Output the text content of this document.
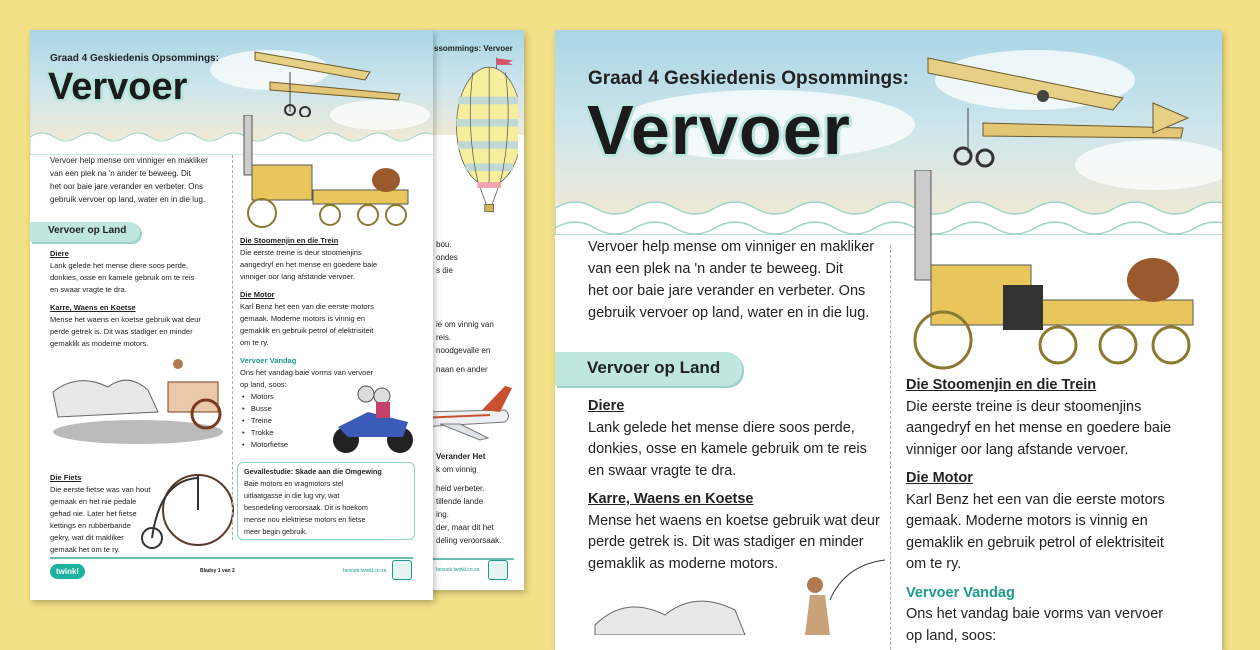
ssommings: Vervoer
bou.
ondes
s die
ie om vinnig van
reis.
noodgevalle en
naan en ander
Verander Het
k om vinnig
heid verbeter.
tillende lande
ing.
der, maar dit het
deling veroorsaak.
besoek twinkl.co.za
Graad 4 Geskiedenis Opsommings:
Vervoer
Vervoer help mense om vinniger en makliker
van een plek na 'n ander te beweeg. Dit
het oor baie jare verander en verbeter. Ons
gebruik vervoer op land, water en in die lug.
Vervoer op Land
Diere
Lank gelede het mense diere soos perde,
donkies, osse en kamele gebruik om te reis
en swaar vragte te dra.
Karre, Waens en Koetse
Mense het waens en koetse gebruik wat deur
perde getrek is. Dit was stadiger en minder
gemaklik as moderne motors.
Die Fiets
Die eerste fietse was van hout
gemaak en het nie pedale
gehad nie. Later het fietse
kettings en rubberbande
gekry, wat dit makliker
gemaak het om te ry.
Die Stoomenjin en die Trein
Die eerste treine is deur stoomenjins
aangedryf en het mense en goedere baie
vinniger oor lang afstande vervoer.
Die Motor
Karl Benz het een van die eerste motors
gemaak. Moderne motors is vinnig en
gemaklik en gebruik petrol of elektrisiteit
om te ry.
Vervoer Vandag
Ons het vandag baie vorms van vervoer
op land, soos:
•   Motors
•   Busse
•   Treine
•   Trokke
•   Motorfietse
Gevallestudie: Skade aan die Omgewing
Baie motors en vragmotors stel
uitlaatgasse in die lug vry, wat
besoedeling veroorsaak. Dit is hoekom
mense nou elektriese motors en fietse
meer begin gebruik.
twinkl	Bladsy 1 van 2	besoek twinkl.co.za
Graad 4 Geskiedenis Opsommings:
Vervoer
Vervoer help mense om vinniger en makliker
van een plek na 'n ander te beweeg. Dit
het oor baie jare verander en verbeter. Ons
gebruik vervoer op land, water en in die lug.
Vervoer op Land
Diere
Lank gelede het mense diere soos perde,
donkies, osse en kamele gebruik om te reis
en swaar vragte te dra.
Karre, Waens en Koetse
Mense het waens en koetse gebruik wat deur
perde getrek is. Dit was stadiger en minder
gemaklik as moderne motors.
Die Stoomenjin en die Trein
Die eerste treine is deur stoomenjins
aangedryf en het mense en goedere baie
vinniger oor lang afstande vervoer.
Die Motor
Karl Benz het een van die eerste motors
gemaak. Moderne motors is vinnig en
gemaklik en gebruik petrol of elektrisiteit
om te ry.
Vervoer Vandag
Ons het vandag baie vorms van vervoer
op land, soos:
